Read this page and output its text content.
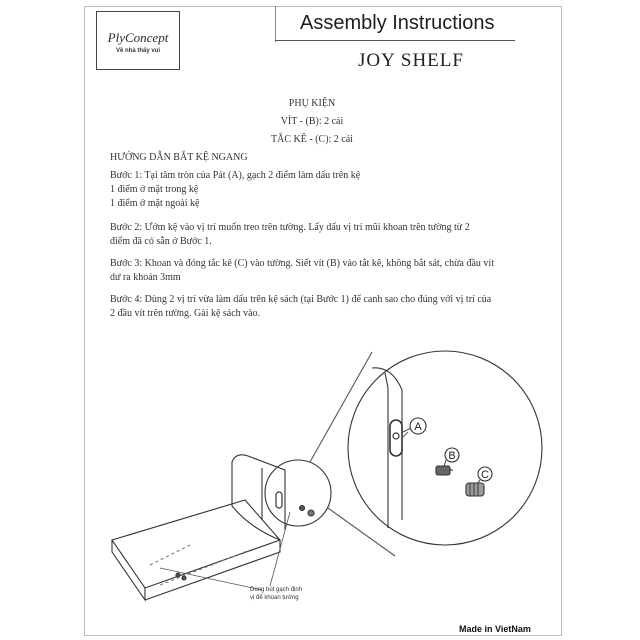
PlyConcept
Về nhà thấy vui
Assembly Instructions
JOY SHELF
PHỤ KIỆN
VÍT - (B): 2 cái
TẮC KÊ - (C): 2 cái
HƯỚNG DẪN BẮT KỆ NGANG
Bước 1: Tại tâm tròn của Pát (A), gạch 2 điểm làm dấu trên kệ
1 điểm ở mặt trong kệ
1 điểm ở mặt ngoài kệ
Bước 2: Ướm kệ vào vị trí muốn treo trên tường. Lấy dấu vị trí mũi khoan trên tường từ 2
điểm đã có sẵn ở Bước 1.
Bước 3: Khoan và đóng tắc kê (C) vào tường. Siết vít (B) vào tắt kê, không bắt sát, chừa đầu vít
dư ra khoản 3mm
Bước 4: Dùng 2 vị trí vừa làm dấu trên kệ sách (tại Bước 1) để canh sao cho đúng với vị trí của
2 đầu vít trên tường. Gài kệ sách vào.
A
B
C
Dùng bút gạch định
vị để khoan tường
Made in VietNam
